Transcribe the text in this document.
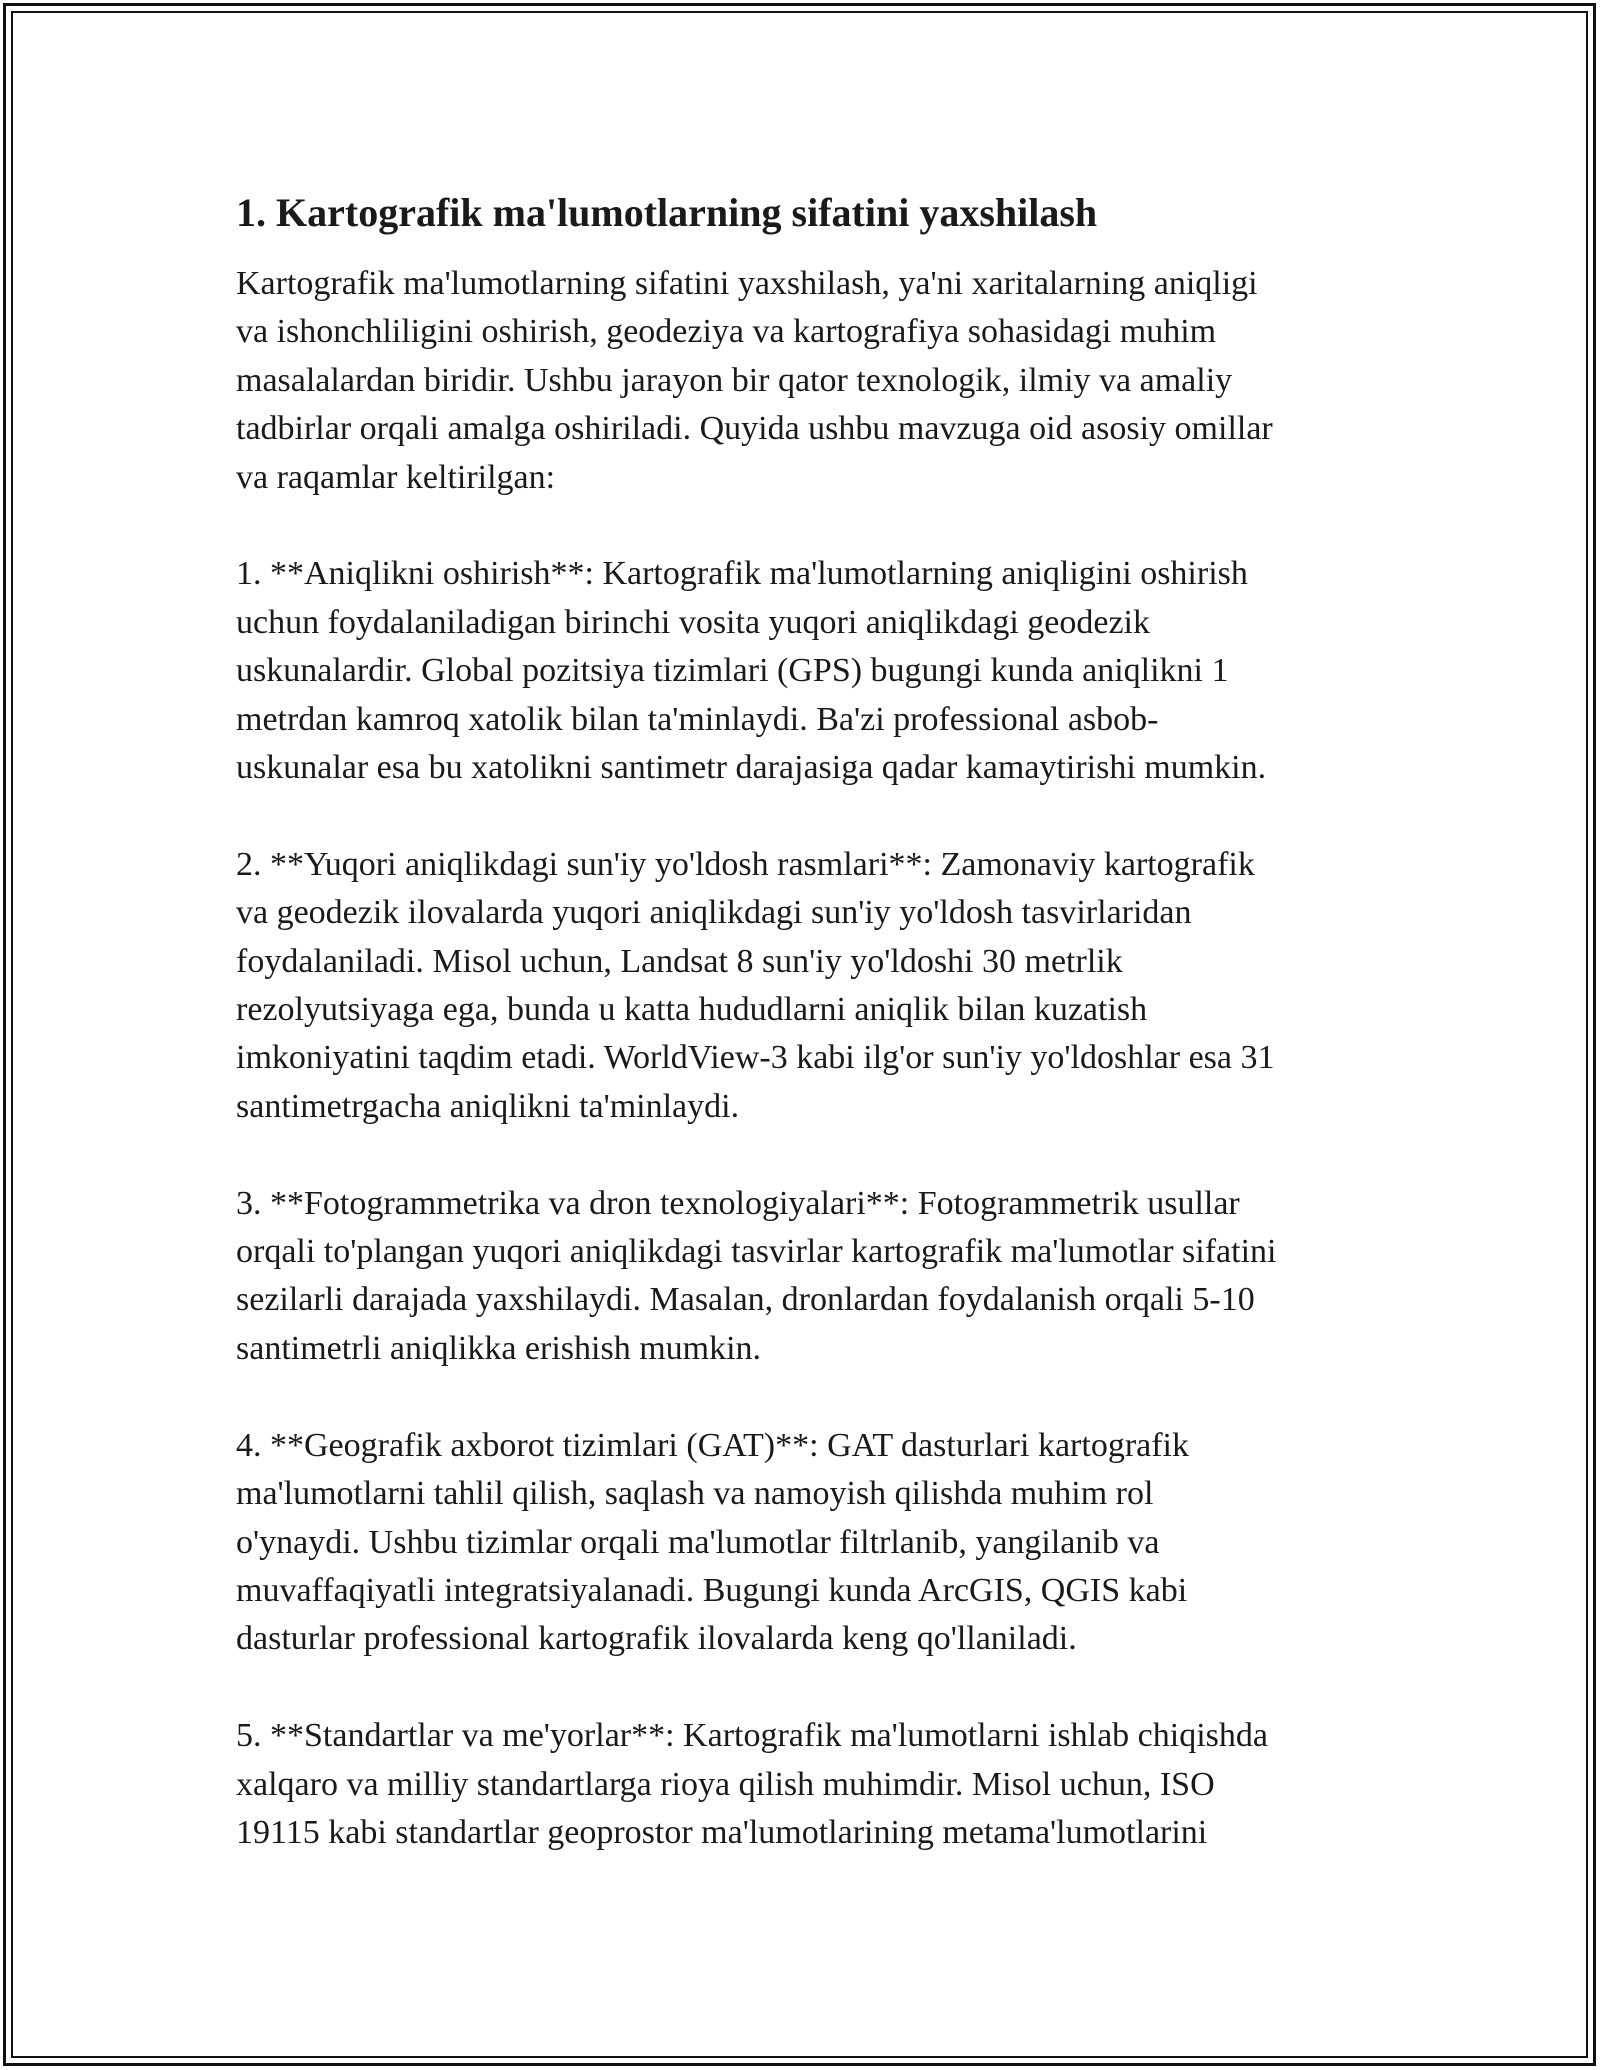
1. Kartografik ma'lumotlarning sifatini yaxshilash

Kartografik ma'lumotlarning sifatini yaxshilash, ya'ni xaritalarning aniqligi
va ishonchliligini oshirish, geodeziya va kartografiya sohasidagi muhim
masalalardan biridir. Ushbu jarayon bir qator texnologik, ilmiy va amaliy
tadbirlar orqali amalga oshiriladi. Quyida ushbu mavzuga oid asosiy omillar
va raqamlar keltirilgan:

1. **Aniqlikni oshirish**: Kartografik ma'lumotlarning aniqligini oshirish
uchun foydalaniladigan birinchi vosita yuqori aniqlikdagi geodezik
uskunalardir. Global pozitsiya tizimlari (GPS) bugungi kunda aniqlikni 1
metrdan kamroq xatolik bilan ta'minlaydi. Ba'zi professional asbob-
uskunalar esa bu xatolikni santimetr darajasiga qadar kamaytirishi mumkin.

2. **Yuqori aniqlikdagi sun'iy yo'ldosh rasmlari**: Zamonaviy kartografik
va geodezik ilovalarda yuqori aniqlikdagi sun'iy yo'ldosh tasvirlaridan
foydalaniladi. Misol uchun, Landsat 8 sun'iy yo'ldoshi 30 metrlik
rezolyutsiyaga ega, bunda u katta hududlarni aniqlik bilan kuzatish
imkoniyatini taqdim etadi. WorldView-3 kabi ilg'or sun'iy yo'ldoshlar esa 31
santimetrgacha aniqlikni ta'minlaydi.

3. **Fotogrammetrika va dron texnologiyalari**: Fotogrammetrik usullar
orqali to'plangan yuqori aniqlikdagi tasvirlar kartografik ma'lumotlar sifatini
sezilarli darajada yaxshilaydi. Masalan, dronlardan foydalanish orqali 5-10
santimetrli aniqlikka erishish mumkin.

4. **Geografik axborot tizimlari (GAT)**: GAT dasturlari kartografik
ma'lumotlarni tahlil qilish, saqlash va namoyish qilishda muhim rol
o'ynaydi. Ushbu tizimlar orqali ma'lumotlar filtrlanib, yangilanib va
muvaffaqiyatli integratsiyalanadi. Bugungi kunda ArcGIS, QGIS kabi
dasturlar professional kartografik ilovalarda keng qo'llaniladi.

5. **Standartlar va me'yorlar**: Kartografik ma'lumotlarni ishlab chiqishda
xalqaro va milliy standartlarga rioya qilish muhimdir. Misol uchun, ISO
19115 kabi standartlar geoprostor ma'lumotlarining metama'lumotlarini
